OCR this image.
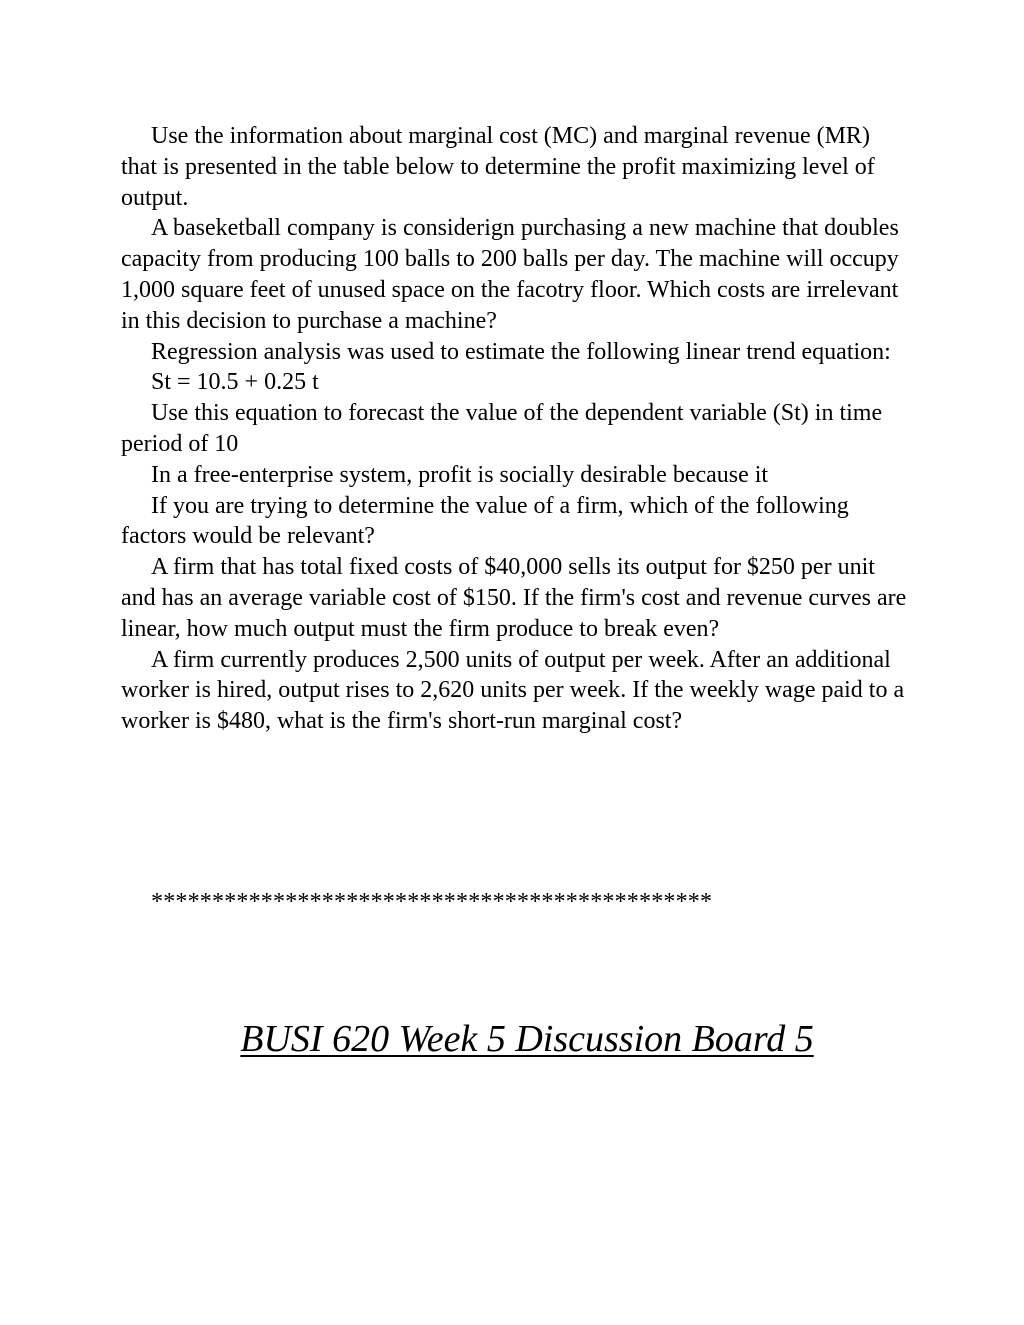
Use the information about marginal cost (MC) and marginal revenue (MR) that is presented in the table below to determine the profit maximizing level of output.

A baseketball company is considerign purchasing a new machine that doubles capacity from producing 100 balls to 200 balls per day. The machine will occupy 1,000 square feet of unused space on the facotry floor. Which costs are irrelevant in this decision to purchase a machine?

Regression analysis was used to estimate the following linear trend equation:

St = 10.5 + 0.25 t

Use this equation to forecast the value of the dependent variable (St) in time period of 10

In a free-enterprise system, profit is socially desirable because it

If you are trying to determine the value of a firm, which of the following factors would be relevant?

A firm that has total fixed costs of $40,000 sells its output for $250 per unit and has an average variable cost of $150. If the firm's cost and revenue curves are linear, how much output must the firm produce to break even?

A firm currently produces 2,500 units of output per week. After an additional worker is hired, output rises to 2,620 units per week. If the weekly wage paid to a worker is $480, what is the firm's short-run marginal cost?

**********************************************
BUSI 620 Week 5 Discussion Board 5
